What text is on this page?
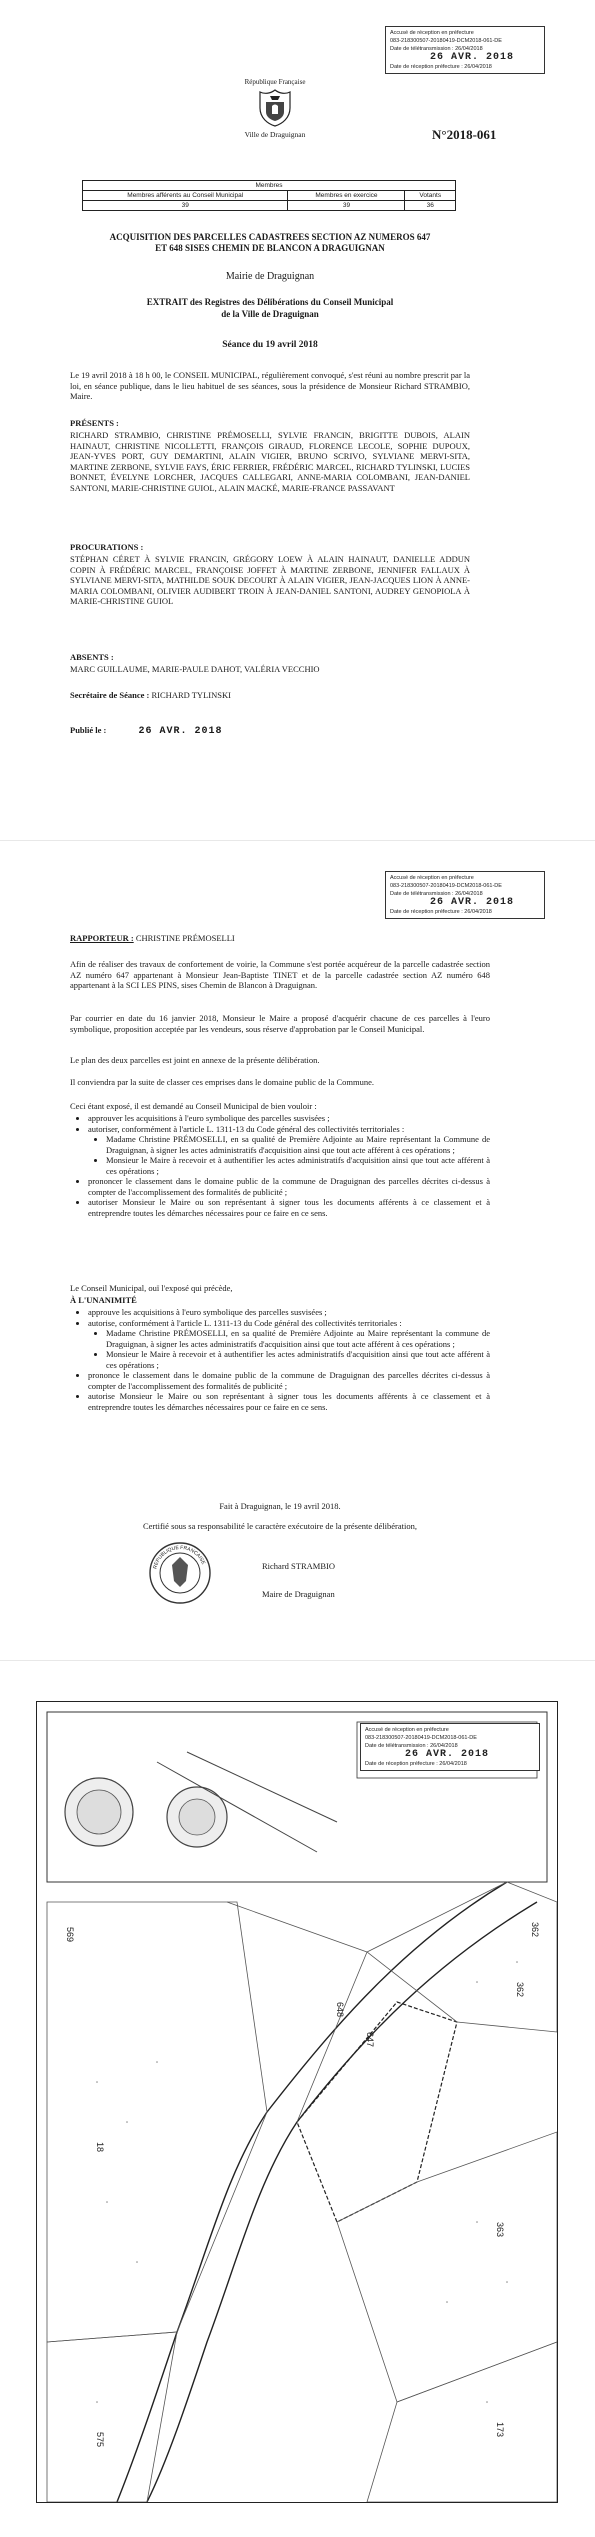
Accusé de réception en préfecture
083-218300507-20180419-DCM2018-061-DE
Date de télétransmission : 26/04/2018
26 AVR. 2018
Date de réception préfecture : 26/04/2018
République Française
Ville de Draguignan	N°2018-061
Membres		
Membres afférents au Conseil Municipal	Membres en exercice	Votants
39	39	36
ACQUISITION DES PARCELLES CADASTREES SECTION AZ NUMEROS 647
ET 648 SISES CHEMIN DE BLANCON A DRAGUIGNAN
Mairie de Draguignan
EXTRAIT des Registres des Délibérations du Conseil Municipal
de la Ville de Draguignan
Séance du 19 avril 2018
Le 19 avril 2018 à 18 h 00, le CONSEIL MUNICIPAL, régulièrement convoqué, s'est réuni au nombre prescrit par la loi, en séance publique, dans le lieu habituel de ses séances, sous la présidence de Monsieur Richard STRAMBIO, Maire.
PRÉSENTS :
RICHARD STRAMBIO, CHRISTINE PRÉMOSELLI, SYLVIE FRANCIN, BRIGITTE DUBOIS, ALAIN HAINAUT, CHRISTINE NICOLLETTI, FRANÇOIS GIRAUD, FLORENCE LECOLE, SOPHIE DUPOUX, JEAN-YVES PORT, GUY DEMARTINI, ALAIN VIGIER, BRUNO SCRIVO, SYLVIANE MERVI-SITA, MARTINE ZERBONE, SYLVIE FAYS, ÉRIC FERRIER, FRÉDÉRIC MARCEL, RICHARD TYLINSKI, LUCIES BONNET, ÉVELYNE LORCHER, JACQUES CALLEGARI, ANNE-MARIA COLOMBANI, JEAN-DANIEL SANTONI, MARIE-CHRISTINE GUIOL, ALAIN MACKÉ, MARIE-FRANCE PASSAVANT
PROCURATIONS :
STÉPHAN CÉRET À SYLVIE FRANCIN, GRÉGORY LOEW À ALAIN HAINAUT, DANIELLE ADDUN COPIN À FRÉDÉRIC MARCEL, FRANÇOISE JOFFET À MARTINE ZERBONE, JENNIFER FALLAUX À SYLVIANE MERVI-SITA, MATHILDE SOUK DECOURT À ALAIN VIGIER, JEAN-JACQUES LION À ANNE-MARIA COLOMBANI, OLIVIER AUDIBERT TROIN À JEAN-DANIEL SANTONI, AUDREY GENOPIOLA À MARIE-CHRISTINE GUIOL
ABSENTS :
MARC GUILLAUME, MARIE-PAULE DAHOT, VALÉRIA VECCHIO
Secrétaire de Séance : RICHARD TYLINSKI
Publié le :	26 AVR. 2018
Accusé de réception en préfecture
083-218300507-20180419-DCM2018-061-DE
Date de télétransmission : 26/04/2018
26 AVR. 2018
Date de réception préfecture : 26/04/2018
RAPPORTEUR : CHRISTINE PRÉMOSELLI
Afin de réaliser des travaux de confortement de voirie, la Commune s'est portée acquéreur de la parcelle cadastrée section AZ numéro 647 appartenant à Monsieur Jean-Baptiste TINET et de la parcelle cadastrée section AZ numéro 648 appartenant à la SCI LES PINS, sises Chemin de Blancon à Draguignan.
Par courrier en date du 16 janvier 2018, Monsieur le Maire a proposé d'acquérir chacune de ces parcelles à l'euro symbolique, proposition acceptée par les vendeurs, sous réserve d'approbation par le Conseil Municipal.
Le plan des deux parcelles est joint en annexe de la présente délibération.
Il conviendra par la suite de classer ces emprises dans le domaine public de la Commune.
Ceci étant exposé, il est demandé au Conseil Municipal de bien vouloir :
• approuver les acquisitions à l'euro symbolique des parcelles susvisées ;
• autoriser, conformément à l'article L. 1311-13 du Code général des collectivités territoriales :
• Madame Christine PRÉMOSELLI, en sa qualité de Première Adjointe au Maire représentant la Commune de Draguignan, à signer les actes administratifs d'acquisition ainsi que tout acte afférent à ces opérations ;
• Monsieur le Maire à recevoir et à authentifier les actes administratifs d'acquisition ainsi que tout acte afférent à ces opérations ;
• prononcer le classement dans le domaine public de la commune de Draguignan des parcelles décrites ci-dessus à compter de l'accomplissement des formalités de publicité ;
• autoriser Monsieur le Maire ou son représentant à signer tous les documents afférents à ce classement et à entreprendre toutes les démarches nécessaires pour ce faire en ce sens.
Le Conseil Municipal, ouï l'exposé qui précède,
À L'UNANIMITÉ
• approuve les acquisitions à l'euro symbolique des parcelles susvisées ;
• autorise, conformément à l'article L. 1311-13 du Code général des collectivités territoriales :
• Madame Christine PRÉMOSELLI, en sa qualité de Première Adjointe au Maire représentant la commune de Draguignan, à signer les actes administratifs d'acquisition ainsi que tout acte afférent à ces opérations ;
• Monsieur le Maire à recevoir et à authentifier les actes administratifs d'acquisition ainsi que tout acte afférent à ces opérations ;
• prononce le classement dans le domaine public de la commune de Draguignan des parcelles décrites ci-dessus à compter de l'accomplissement des formalités de publicité ;
• autorise Monsieur le Maire ou son représentant à signer tous les documents afférents à ce classement et à entreprendre toutes les démarches nécessaires pour ce faire en ce sens.
Fait à Draguignan, le 19 avril 2018.
Certifié sous sa responsabilité le caractère exécutoire de la présente délibération,
REPUBLIQUE FRANCAISE	Richard STRAMBIO
Maire de Draguignan
648
647
18
575
362
363
173
569	362
Accusé de réception en préfecture
083-218300507-20180419-DCM2018-061-DE
Date de télétransmission : 26/04/2018
26 AVR. 2018
Date de réception préfecture : 26/04/2018
